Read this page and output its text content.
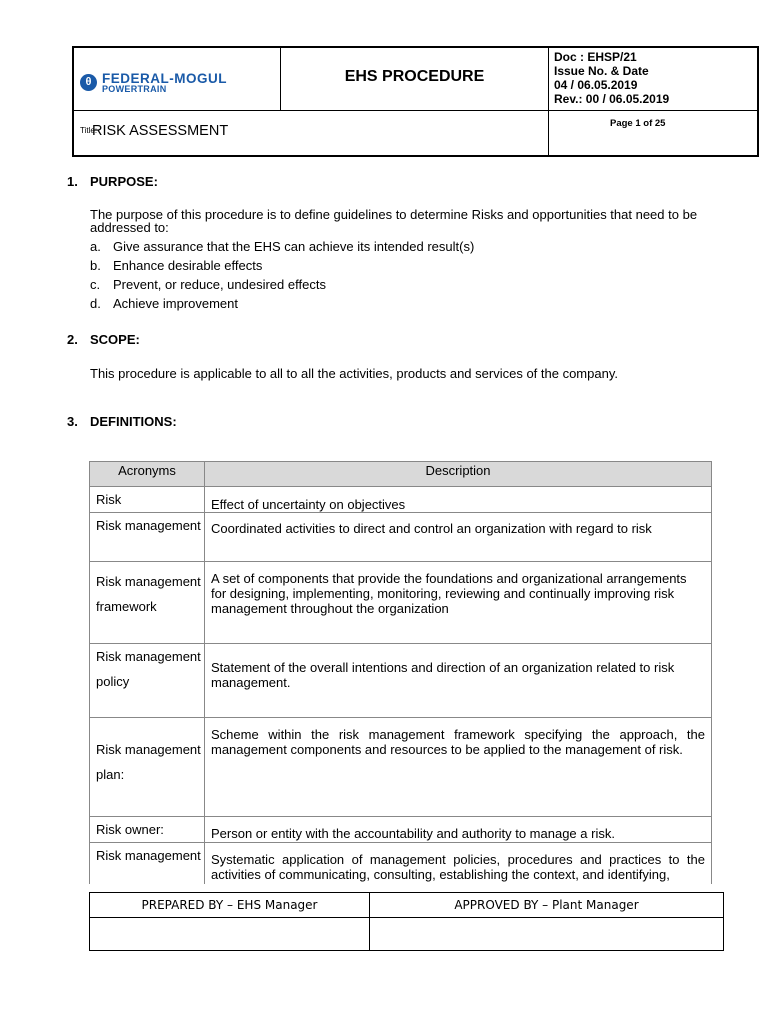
θ FEDERAL-MOGUL
POWERTRAIN
EHS PROCEDURE
Doc : EHSP/21
Issue No. & Date
04 / 06.05.2019
Rev.: 00 / 06.05.2019
Title:
RISK ASSESSMENT	Page 1 of 25
1. PURPOSE:
The purpose of this procedure is to define guidelines to determine Risks and opportunities that need to be addressed to:
a. Give assurance that the EHS can achieve its intended result(s)
b. Enhance desirable effects
c. Prevent, or reduce, undesired effects
d. Achieve improvement
2. SCOPE:
This procedure is applicable to all to all the activities, products and services of the company.
3. DEFINITIONS:
Acronyms	Description
Risk	Effect of uncertainty on objectives
Risk management	Coordinated activities to direct and control an organization with regard to risk
Risk management framework	A set of components that provide the foundations and organizational arrangements for designing, implementing, monitoring, reviewing and continually improving risk management throughout the organization
Risk management policy	Statement of the overall intentions and direction of an organization related to risk management.
Risk management plan:	Scheme within the risk management framework specifying the approach, the management components and resources to be applied to the management of risk.
Risk owner:	Person or entity with the accountability and authority to manage a risk.
Risk management	Systematic application of management policies, procedures and practices to the activities of communicating, consulting, establishing the context, and identifying,
PREPARED BY – EHS Manager	APPROVED BY – Plant Manager
